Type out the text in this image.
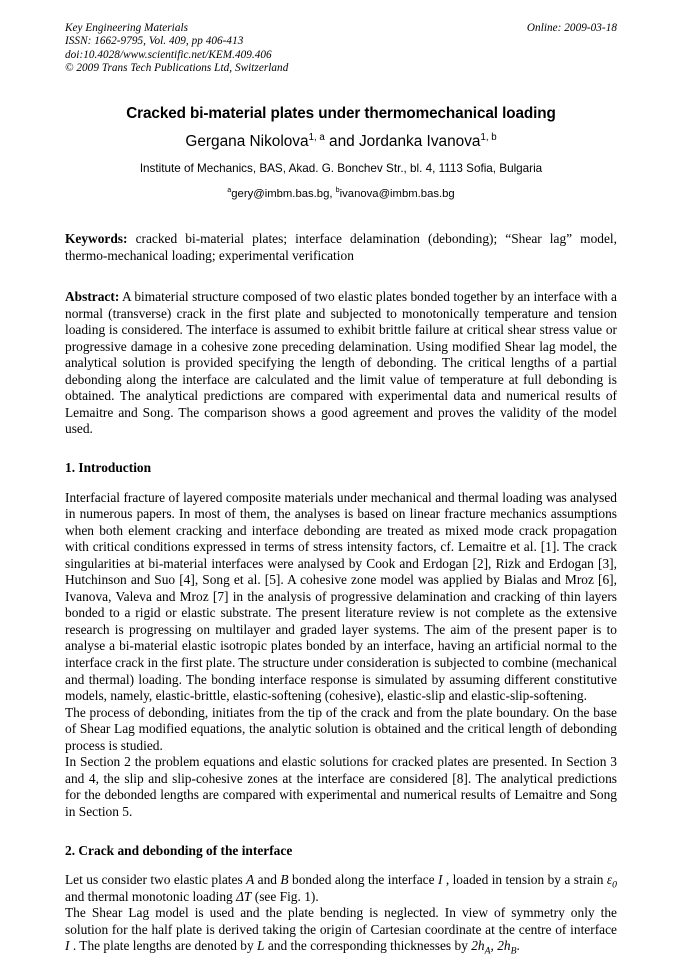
Key Engineering Materials
ISSN: 1662-9795, Vol. 409, pp 406-413
doi:10.4028/www.scientific.net/KEM.409.406
© 2009 Trans Tech Publications Ltd, Switzerland
Online: 2009-03-18
Cracked bi-material plates under thermomechanical loading
Gergana Nikolova$^{1, a}$ and Jordanka Ivanova$^{1, b}$
Institute of Mechanics, BAS, Akad. G. Bonchev Str., bl. 4, 1113 Sofia, Bulgaria
$^a$gery@imbm.bas.bg, $^b$ivanova@imbm.bas.bg
Keywords: cracked bi-material plates; interface delamination (debonding); “Shear lag” model, thermo-mechanical loading; experimental verification
Abstract: A bimaterial structure composed of two elastic plates bonded together by an interface with a normal (transverse) crack in the first plate and subjected to monotonically temperature and tension loading is considered. The interface is assumed to exhibit brittle failure at critical shear stress value or progressive damage in a cohesive zone preceding delamination. Using modified Shear lag model, the analytical solution is provided specifying the length of debonding. The critical lengths of a partial debonding along the interface are calculated and the limit value of temperature at full debonding is obtained. The analytical predictions are compared with experimental data and numerical results of Lemaitre and Song. The comparison shows a good agreement and proves the validity of the model used.
1. Introduction
Interfacial fracture of layered composite materials under mechanical and thermal loading was analysed in numerous papers. In most of them, the analyses is based on linear fracture mechanics assumptions when both element cracking and interface debonding are treated as mixed mode crack propagation with critical conditions expressed in terms of stress intensity factors, cf. Lemaitre et al. [1]. The crack singularities at bi-material interfaces were analysed by Cook and Erdogan [2], Rizk and Erdogan [3], Hutchinson and Suo [4], Song et al. [5]. A cohesive zone model was applied by Bialas and Mroz [6], Ivanova, Valeva and Mroz [7] in the analysis of progressive delamination and cracking of thin layers bonded to a rigid or elastic substrate. The present literature review is not complete as the extensive research is progressing on multilayer and graded layer systems. The aim of the present paper is to analyse a bi-material elastic isotropic plates bonded by an interface, having an artificial normal to the interface crack in the first plate. The structure under consideration is subjected to combine (mechanical and thermal) loading. The bonding interface response is simulated by assuming different constitutive models, namely, elastic-brittle, elastic-softening (cohesive), elastic-slip and elastic-slip-softening.
The process of debonding, initiates from the tip of the crack and from the plate boundary. On the base of Shear Lag modified equations, the analytic solution is obtained and the critical length of debonding process is studied.
In Section 2 the problem equations and elastic solutions for cracked plates are presented. In Section 3 and 4, the slip and slip-cohesive zones at the interface are considered [8]. The analytical predictions for the debonded lengths are compared with experimental and numerical results of Lemaitre and Song in Section 5.
2. Crack and debonding of the interface
Let us consider two elastic plates A and B bonded along the interface I , loaded in tension by a strain $\varepsilon_0$ and thermal monotonic loading ΔT (see Fig. 1).
The Shear Lag model is used and the plate bending is neglected. In view of symmetry only the solution for the half plate is derived taking the origin of Cartesian coordinate at the centre of interface I . The plate lengths are denoted by L and the corresponding thicknesses by $2h_A$, $2h_B$.
